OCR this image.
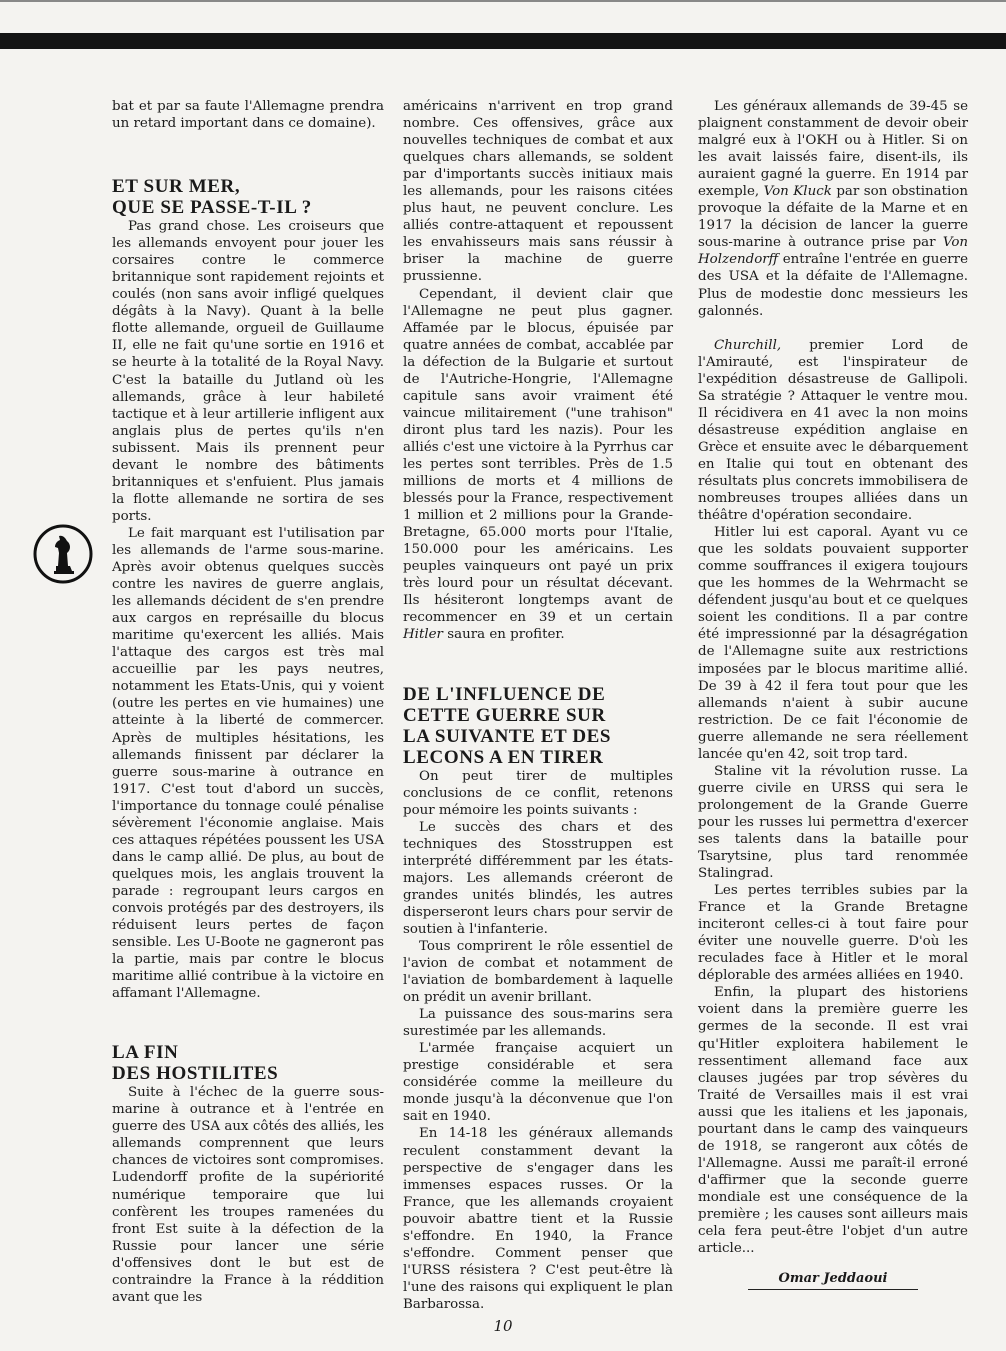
bat et par sa faute l'Allemagne prendra un retard important dans ce domaine).

ET SUR MER,
QUE SE PASSE-T-IL ?

Pas grand chose. Les croiseurs que les allemands envoyent pour jouer les corsaires contre le commerce britannique sont rapidement rejoints et coulés (non sans avoir infligé quelques dégâts à la Navy). Quant à la belle flotte allemande, orgueil de Guillaume II, elle ne fait qu'une sortie en 1916 et se heurte à la totalité de la Royal Navy. C'est la bataille du Jutland où les allemands, grâce à leur habileté tactique et à leur artillerie infligent aux anglais plus de pertes qu'ils n'en subissent. Mais ils prennent peur devant le nombre des bâtiments britanniques et s'enfuient. Plus jamais la flotte allemande ne sortira de ses ports.

Le fait marquant est l'utilisation par les allemands de l'arme sous-marine. Après avoir obtenus quelques succès contre les navires de guerre anglais, les allemands décident de s'en prendre aux cargos en représaille du blocus maritime qu'exercent les alliés. Mais l'attaque des cargos est très mal accueillie par les pays neutres, notamment les Etats-Unis, qui y voient (outre les pertes en vie humaines) une atteinte à la liberté de commercer. Après de multiples hésitations, les allemands finissent par déclarer la guerre sous-marine à outrance en 1917. C'est tout d'abord un succès, l'importance du tonnage coulé pénalise sévèrement l'économie anglaise. Mais ces attaques répétées poussent les USA dans le camp allié. De plus, au bout de quelques mois, les anglais trouvent la parade : regroupant leurs cargos en convois protégés par des destroyers, ils réduisent leurs pertes de façon sensible. Les U-Boote ne gagneront pas la partie, mais par contre le blocus maritime allié contribue à la victoire en affamant l'Allemagne.

LA FIN
DES HOSTILITES

Suite à l'échec de la guerre sous-marine à outrance et à l'entrée en guerre des USA aux côtés des alliés, les allemands comprennent que leurs chances de victoires sont compromises. Ludendorff profite de la supériorité numérique temporaire que lui confèrent les troupes ramenées du front Est suite à la défection de la Russie pour lancer une série d'offensives dont le but est de contraindre la France à la réddition avant que les

américains n'arrivent en trop grand nombre. Ces offensives, grâce aux nouvelles techniques de combat et aux quelques chars allemands, se soldent par d'importants succès initiaux mais les allemands, pour les raisons citées plus haut, ne peuvent conclure. Les alliés contre-attaquent et repoussent les envahisseurs mais sans réussir à briser la machine de guerre prussienne.

Cependant, il devient clair que l'Allemagne ne peut plus gagner. Affamée par le blocus, épuisée par quatre années de combat, accablée par la défection de la Bulgarie et surtout de l'Autriche-Hongrie, l'Allemagne capitule sans avoir vraiment été vaincue militairement ("une trahison" diront plus tard les nazis). Pour les alliés c'est une victoire à la Pyrrhus car les pertes sont terribles. Près de 1.5 millions de morts et 4 millions de blessés pour la France, respectivement 1 million et 2 millions pour la Grande-Bretagne, 65.000 morts pour l'Italie, 150.000 pour les américains. Les peuples vainqueurs ont payé un prix très lourd pour un résultat décevant. Ils hésiteront longtemps avant de recommencer en 39 et un certain Hitler saura en profiter.

DE L'INFLUENCE DE
CETTE GUERRE SUR
LA SUIVANTE ET DES
LECONS A EN TIRER

On peut tirer de multiples conclusions de ce conflit, retenons pour mémoire les points suivants :

Le succès des chars et des techniques des Stosstruppen est interprété différemment par les états-majors. Les allemands créeront de grandes unités blindés, les autres disperseront leurs chars pour servir de soutien à l'infanterie.

Tous comprirent le rôle essentiel de l'avion de combat et notamment de l'aviation de bombardement à laquelle on prédit un avenir brillant.

La puissance des sous-marins sera surestimée par les allemands.

L'armée française acquiert un prestige considérable et sera considérée comme la meilleure du monde jusqu'à la déconvenue que l'on sait en 1940.

En 14-18 les généraux allemands reculent constamment devant la perspective de s'engager dans les immenses espaces russes. Or la France, que les allemands croyaient pouvoir abattre tient et la Russie s'effondre. En 1940, la France s'effondre. Comment penser que l'URSS résistera ? C'est peut-être là l'une des raisons qui expliquent le plan Barbarossa.

Les généraux allemands de 39-45 se plaignent constamment de devoir obeir malgré eux à l'OKH ou à Hitler. Si on les avait laissés faire, disent-ils, ils auraient gagné la guerre. En 1914 par exemple, Von Kluck par son obstination provoque la défaite de la Marne et en 1917 la décision de lancer la guerre sous-marine à outrance prise par Von Holzendorff entraîne l'entrée en guerre des USA et la défaite de l'Allemagne. Plus de modestie donc messieurs les galonnés.

Churchill, premier Lord de l'Amirauté, est l'inspirateur de l'expédition désastreuse de Gallipoli. Sa stratégie ? Attaquer le ventre mou. Il récidivera en 41 avec la non moins désastreuse expédition anglaise en Grèce et ensuite avec le débarquement en Italie qui tout en obtenant des résultats plus concrets immobilisera de nombreuses troupes alliées dans un théâtre d'opération secondaire.

Hitler lui est caporal. Ayant vu ce que les soldats pouvaient supporter comme souffrances il exigera toujours que les hommes de la Wehrmacht se défendent jusqu'au bout et ce quelques soient les conditions. Il a par contre été impressionné par la désagrégation de l'Allemagne suite aux restrictions imposées par le blocus maritime allié. De 39 à 42 il fera tout pour que les allemands n'aient à subir aucune restriction. De ce fait l'économie de guerre allemande ne sera réellement lancée qu'en 42, soit trop tard.

Staline vit la révolution russe. La guerre civile en URSS qui sera le prolongement de la Grande Guerre pour les russes lui permettra d'exercer ses talents dans la bataille pour Tsarytsine, plus tard renommée Stalingrad.

Les pertes terribles subies par la France et la Grande Bretagne inciteront celles-ci à tout faire pour éviter une nouvelle guerre. D'où les reculades face à Hitler et le moral déplorable des armées alliées en 1940.

Enfin, la plupart des historiens voient dans la première guerre les germes de la seconde. Il est vrai qu'Hitler exploitera habilement le ressentiment allemand face aux clauses jugées par trop sévères du Traité de Versailles mais il est vrai aussi que les italiens et les japonais, pourtant dans le camp des vainqueurs de 1918, se rangeront aux côtés de l'Allemagne. Aussi me paraît-il erroné d'affirmer que la seconde guerre mondiale est une conséquence de la première ; les causes sont ailleurs mais cela fera peut-être l'objet d'un autre article...

Omar Jeddaoui
10
